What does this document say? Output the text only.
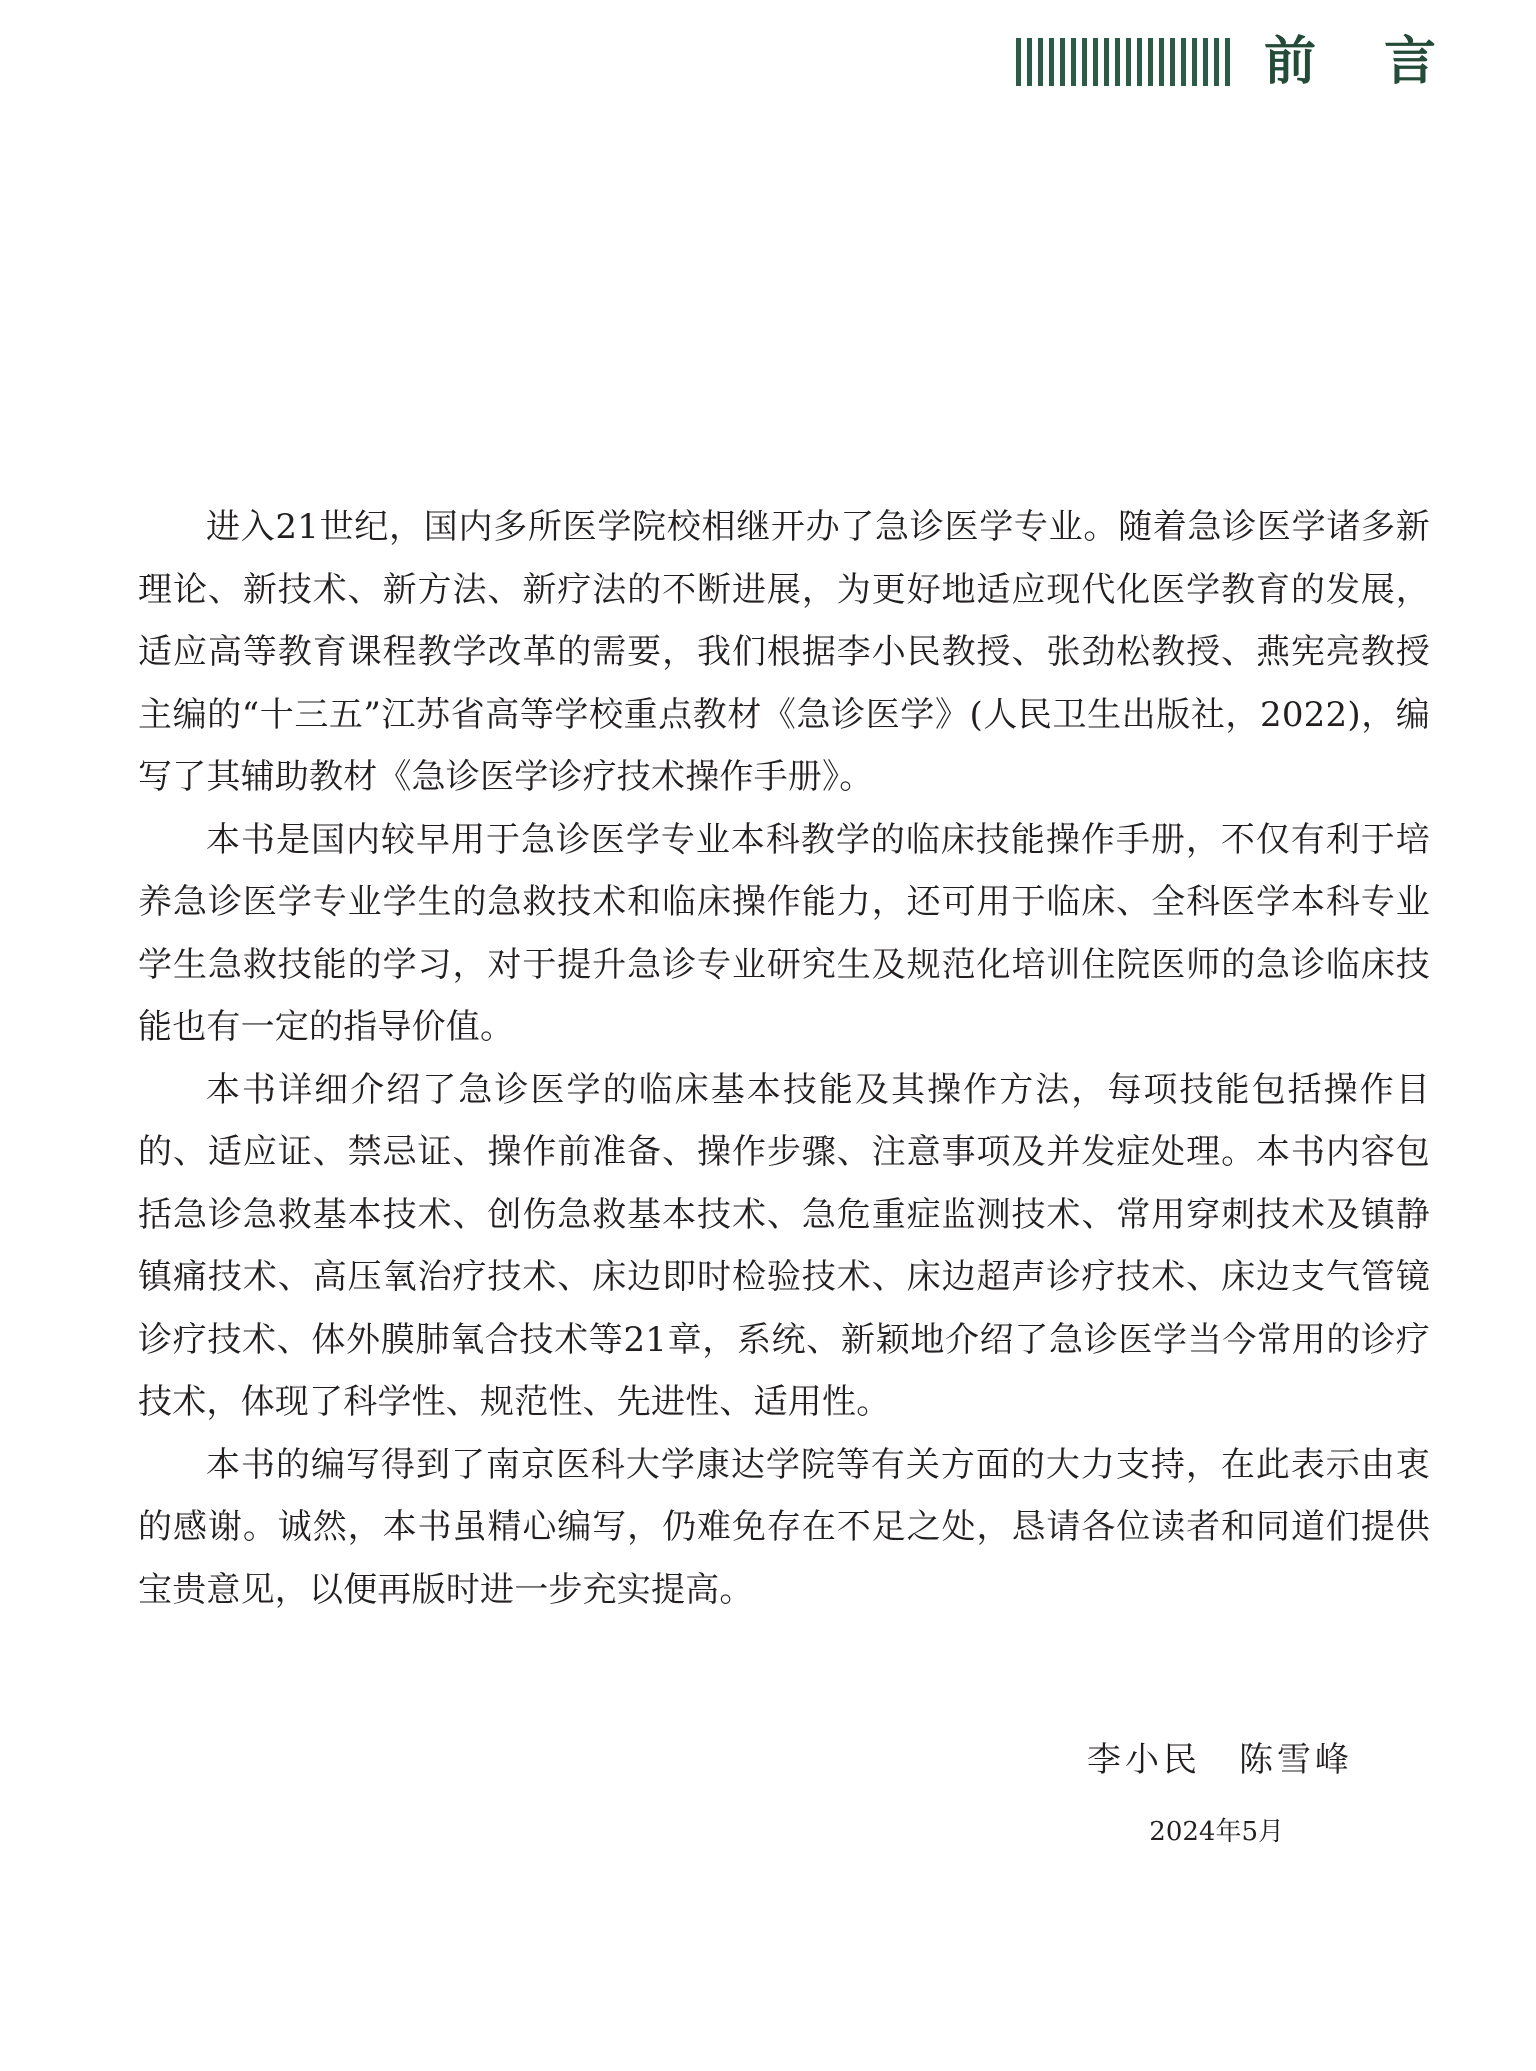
前言

进入21世纪，国内多所医学院校相继开办了急诊医学专业。随着急诊医学诸多新理论、新技术、新方法、新疗法的不断进展，为更好地适应现代化医学教育的发展，适应高等教育课程教学改革的需要，我们根据李小民教授、张劲松教授、燕宪亮教授主编的“十三五”江苏省高等学校重点教材《急诊医学》(人民卫生出版社，2022)，编写了其辅助教材《急诊医学诊疗技术操作手册》。

本书是国内较早用于急诊医学专业本科教学的临床技能操作手册，不仅有利于培养急诊医学专业学生的急救技术和临床操作能力，还可用于临床、全科医学本科专业学生急救技能的学习，对于提升急诊专业研究生及规范化培训住院医师的急诊临床技能也有一定的指导价值。

本书详细介绍了急诊医学的临床基本技能及其操作方法，每项技能包括操作目的、适应证、禁忌证、操作前准备、操作步骤、注意事项及并发症处理。本书内容包括急诊急救基本技术、创伤急救基本技术、急危重症监测技术、常用穿刺技术及镇静镇痛技术、高压氧治疗技术、床边即时检验技术、床边超声诊疗技术、床边支气管镜诊疗技术、体外膜肺氧合技术等21章，系统、新颖地介绍了急诊医学当今常用的诊疗技术，体现了科学性、规范性、先进性、适用性。

本书的编写得到了南京医科大学康达学院等有关方面的大力支持，在此表示由衷的感谢。诚然，本书虽精心编写，仍难免存在不足之处，恳请各位读者和同道们提供宝贵意见，以便再版时进一步充实提高。

李小民　陈雪峰
2024年5月
